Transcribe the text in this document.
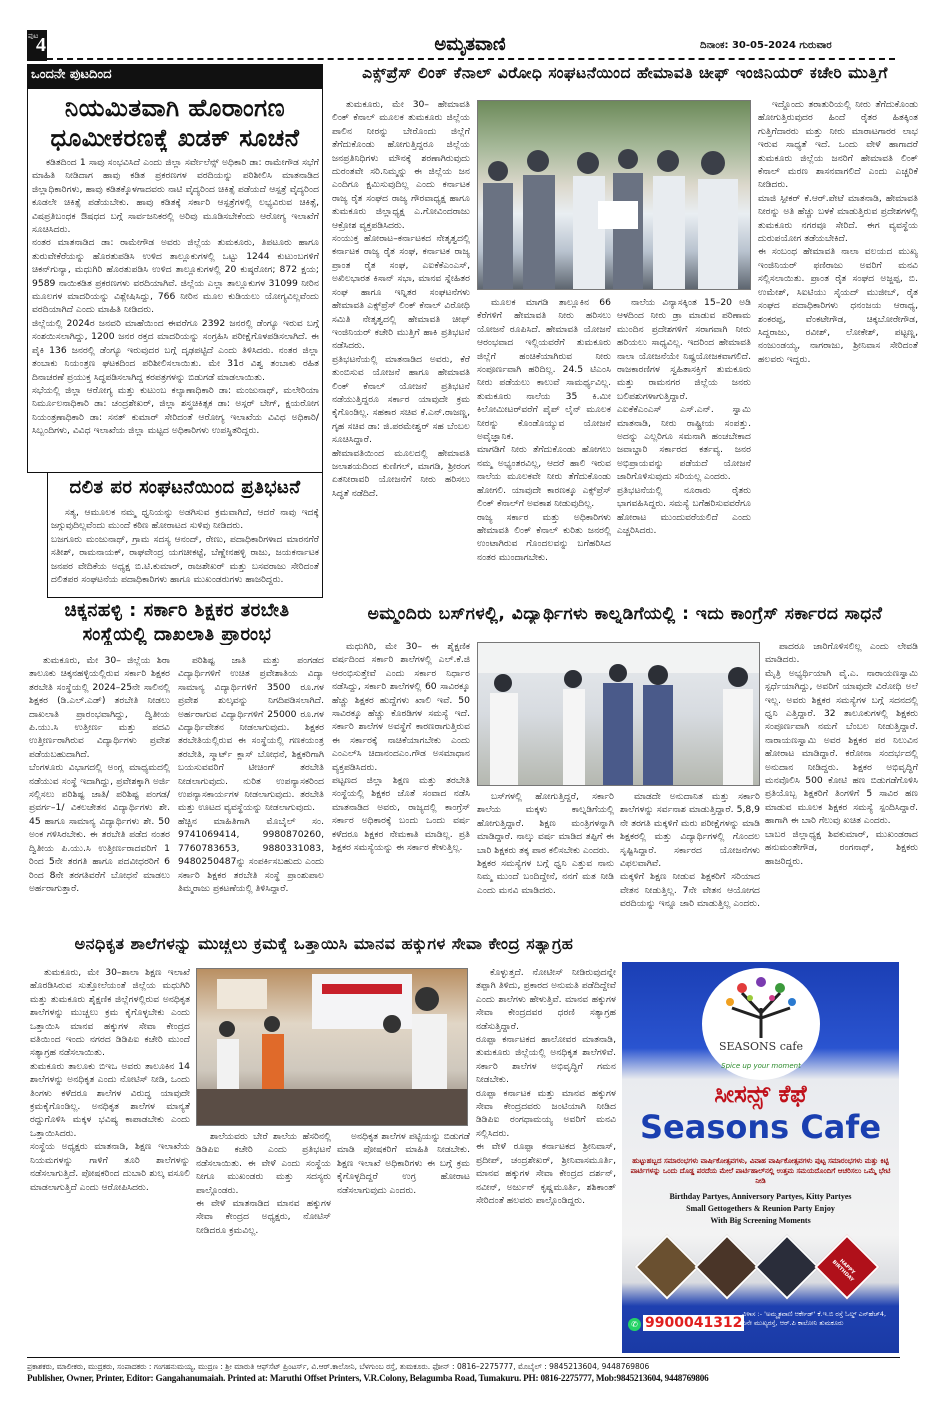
ಪುಟ
4	ಅಮೃತವಾಣಿ	ದಿನಾಂಕ: 30-05-2024 ಗುರುವಾರ
ಒಂದನೇ ಪುಟದಿಂದ
ನಿಯಮಿತವಾಗಿ ಹೊರಾಂಗಣ
ಧೂಮೀಕರಣಕ್ಕೆ ಖಡಕ್ ಸೂಚನೆ
ಕಡಿತದಿಂದ 1 ಸಾವು ಸಂಭವಿಸಿದೆ ಎಂದು ಜಿಲ್ಲಾ ಸರ್ವೇಲೆನ್ಸ್ ಅಧಿಕಾರಿ ಡಾ: ರಾಮೇಗೌಡ ಸಭೆಗೆ ಮಾಹಿತಿ ನೀಡಿದಾಗ ಹಾವು ಕಡಿತ ಪ್ರಕರಣಗಳ ವರದಿಯನ್ನು ಪರಿಶೀಲಿಸಿ ಮಾತನಾಡಿದ ಜಿಲ್ಲಾಧಿಕಾರಿಗಳು, ಹಾವು ಕಡಿತಕ್ಕೊಳಗಾದವರು ನಾಟಿ ವೈದ್ಯರಿಂದ ಚಿಕಿತ್ಸೆ ಪಡೆಯದೆ ಆಸ್ಪತ್ರೆ ವೈದ್ಯರಿಂದ ಕೂಡಲೇ ಚಿಕಿತ್ಸೆ ಪಡೆಯಬೇಕು. ಹಾವು ಕಡಿತಕ್ಕೆ ಸರ್ಕಾರಿ ಆಸ್ಪತ್ರೆಗಳಲ್ಲಿ ಲಭ್ಯವಿರುವ ಚಿಕಿತ್ಸೆ, ವಿಷಪ್ರತಿಬಂಧಕ ಔಷಧದ ಬಗ್ಗೆ ಸಾರ್ವಜನಿಕರಲ್ಲಿ ಅರಿವು ಮೂಡಿಸಬೇಕೆಂದು ಆರೋಗ್ಯ ಇಲಾಖೆಗೆ ಸೂಚಿಸಿದರು.
ನಂತರ ಮಾತನಾಡಿದ ಡಾ: ರಾಮೇಗೌಡ ಅವರು ಜಿಲ್ಲೆಯ ತುಮಕೂರು, ತಿಪಟೂರು ಹಾಗೂ ತುರುವೇಕೆರೆಯನ್ನು ಹೊರತುಪಡಿಸಿ ಉಳಿದ ತಾಲ್ಲೂಕುಗಳಲ್ಲಿ ಒಟ್ಟು 1244 ಕುಟುಂಬಗಳಿಗೆ ಚಿಕನ್‌ಗುನ್ಯಾ, ಮಧುಗಿರಿ ಹೊರತುಪಡಿಸಿ ಉಳಿದ ತಾಲ್ಲೂಕುಗಳಲ್ಲಿ 20 ಕುಷ್ಠರೋಗ; 872 ಕ್ಷಯ; 9589 ನಾಯಿಕಡಿತ ಪ್ರಕರಣಗಳು ವರದಿಯಾಗಿವೆ. ಜಿಲ್ಲೆಯ ಎಲ್ಲಾ ತಾಲ್ಲೂಕುಗಳ 31099 ನೀರಿನ ಮೂಲಗಳ ಮಾದರಿಯನ್ನು ವಿಶ್ಲೇಷಿಸಿದ್ದು, 766 ನೀರಿನ ಮೂಲ ಕುಡಿಯಲು ಯೋಗ್ಯವಿಲ್ಲವೆಂದು ವರದಿಯಾಗಿದೆ ಎಂದು ಮಾಹಿತಿ ನೀಡಿದರು.
ಜಿಲ್ಲೆಯಲ್ಲಿ 2024ರ ಜನವರಿ ಮಾಹೆಯಿಂದ ಈವರೆಗೂ 2392 ಜನರಲ್ಲಿ ಡೆಂಗ್ಯೂ ಇರುವ ಬಗ್ಗೆ ಸಂಶಯಿಸಲಾಗಿದ್ದು, 1200 ಜನರ ರಕ್ತದ ಮಾದರಿಯನ್ನು ಸಂಗ್ರಹಿಸಿ ಪರೀಕ್ಷೆಗೊಳಪಡಿಸಲಾಗಿದೆ. ಈ ಪೈಕಿ 136 ಜನರಲ್ಲಿ ಡೆಂಗ್ಯೂ ಇರುವುದರ ಬಗ್ಗೆ ದೃಢಪಟ್ಟಿದೆ ಎಂದು ತಿಳಿಸಿದರು. ನಂತರ ಜಿಲ್ಲಾ ತಂಬಾಕು ನಿಯಂತ್ರಣ ಘಟಕದಿಂದ ಪರಿಶೀಲಿಸಲಾಯಿತು. ಮೇ 31ರ ವಿಶ್ವ ತಂಬಾಕು ರಹಿತ ದಿನಾಚರಣೆ ಪ್ರಯುಕ್ತ ಸಿದ್ಧಪಡಿಸಲಾಗಿದ್ದ ಕರಪತ್ರಗಳನ್ನು ಬಿಡುಗಡೆ ಮಾಡಲಾಯಿತು.
ಸಭೆಯಲ್ಲಿ ಜಿಲ್ಲಾ ಆರೋಗ್ಯ ಮತ್ತು ಕುಟುಂಬ ಕಲ್ಯಾಣಾಧಿಕಾರಿ ಡಾ: ಮಂಜುನಾಥ್, ಮಲೇರಿಯಾ ನಿರ್ಮೂಲನಾಧಿಕಾರಿ ಡಾ: ಚಂದ್ರಶೇಖರ್, ಜಿಲ್ಲಾ ಶಸ್ತ್ರಚಿಕಿತ್ಸಕ ಡಾ: ಅಸ್ಗರ್ ಬೇಗ್, ಕ್ಷಯರೋಗ ನಿಯಂತ್ರಣಾಧಿಕಾರಿ ಡಾ: ಸನತ್ ಕುಮಾರ್ ಸೇರಿದಂತೆ ಆರೋಗ್ಯ ಇಲಾಖೆಯ ವಿವಿಧ ಅಧಿಕಾರಿ/ಸಿಬ್ಬಂದಿಗಳು, ವಿವಿಧ ಇಲಾಖೆಯ ಜಿಲ್ಲಾ ಮಟ್ಟದ ಅಧಿಕಾರಿಗಳು ಉಪಸ್ಥಿತರಿದ್ದರು.
ದಲಿತ ಪರ ಸಂಘಟನೆಯಿಂದ ಪ್ರತಿಭಟನೆ
ಸತ್ಯ, ಆಮೂಲಕ ನಮ್ಮ ಧ್ವನಿಯನ್ನು ಅಡಗಿಸುವ ಕ್ರಮವಾಗಿದೆ, ಆದರೆ ನಾವು ಇದಕ್ಕೆ ಜಗ್ಗುವುದಿಲ್ಲವೆಂದು ಮುಂದೆ ಕಠಿಣ ಹೋರಾಟದ ಸುಳಿವು ನೀಡಿದರು.
ಬಜಗೂರು ಮಂಜುನಾಥ್, ಗ್ರಾಮ ಸದಸ್ಯ ಆನಂದ್, ರೇಣು, ಪದಾಧಿಕಾರಿಗಳಾದ ಮಾರನಗೆರೆ ಸತೀಶ್, ರಾಮನಾಯಕ್, ರಾಘವೇಂದ್ರ ಯಗಚೀಕಟ್ಟೆ, ಬೆಣ್ಣೇನಹಳ್ಳಿ ರಾಜು, ಜಯಕರ್ನಾಟಕ ಜನಪರ ವೇದಿಕೆಯ ಅಧ್ಯಕ್ಷ ಬಿ.ಟಿ.ಕುಮಾರ್, ರಾಜಶೇಖರ್ ಮತ್ತು ಬಸವರಾಜು ಸೇರಿದಂತೆ ದಲಿತಪರ ಸಂಘಟನೆಯ ಪದಾಧಿಕಾರಿಗಳು ಹಾಗೂ ಮುಖಂಡರುಗಳು ಹಾಜರಿದ್ದರು.
ಚಿಕ್ಕನಹಳ್ಳಿ : ಸರ್ಕಾರಿ ಶಿಕ್ಷಕರ ತರಬೇತಿ
ಸಂಸ್ಥೆಯಲ್ಲಿ ದಾಖಲಾತಿ ಪ್ರಾರಂಭ
ತುಮಕೂರು, ಮೇ 30– ಜಿಲ್ಲೆಯ ಶಿರಾ ತಾಲೂಕು ಚಿಕ್ಕನಹಳ್ಳಿಯಲ್ಲಿರುವ ಸರ್ಕಾರಿ ಶಿಕ್ಷಕರ ತರಬೇತಿ ಸಂಸ್ಥೆಯಲ್ಲಿ 2024–25ನೇ ಸಾಲಿನಲ್ಲಿ ಶಿಕ್ಷಕರ (ಡಿ.ಎಲ್.ಎಡ್) ತರಬೇತಿ ನೀಡಲು ದಾಖಲಾತಿ ಪ್ರಾರಂಭವಾಗಿದ್ದು, ದ್ವಿತೀಯ ಪಿ.ಯು.ಸಿ ಉತ್ತೀರ್ಣ ಮತ್ತು ಪದವಿ ಉತ್ತೀರ್ಣರಾಗಿರುವ ವಿದ್ಯಾರ್ಥಿಗಳು ಪ್ರವೇಶ ಪಡೆಯಬಹುದಾಗಿದೆ.
ಬೆಂಗಳೂರು ವಿಭಾಗದಲ್ಲಿ ಅಂಗ್ಲ ಮಾಧ್ಯಮದಲ್ಲಿ ನಡೆಯುವ ಸಂಸ್ಥೆ ಇದಾಗಿದ್ದು, ಪ್ರವೇಶಕ್ಕಾಗಿ ಅರ್ಜಿ ಸಲ್ಲಿಸಲು ಪರಿಶಿಷ್ಟ ಜಾತಿ/ ಪರಿಶಿಷ್ಟ ಪಂಗಡ/ ಪ್ರವರ್ಗ–1/ ವಿಕಲಚೇತನ ವಿದ್ಯಾರ್ಥಿಗಳು ಶೇ. 45 ಹಾಗೂ ಸಾಮಾನ್ಯ ವಿದ್ಯಾರ್ಥಿಗಳು ಶೇ. 50 ಅಂಕ ಗಳಿಸಿರಬೇಕು. ಈ ತರಬೇತಿ ಪಡೆದ ನಂತರ ದ್ವಿತೀಯ ಪಿ.ಯು.ಸಿ ಉತ್ತೀರ್ಣರಾದವರಿಗೆ 1 ರಿಂದ 5ನೇ ತರಗತಿ ಹಾಗೂ ಪದವೀಧರರಿಗೆ 6 ರಿಂದ 8ನೇ ತರಗತಿವರೆಗೆ ಬೋಧನೆ ಮಾಡಲು ಅರ್ಹರಾಗುತ್ತಾರೆ.
ಪರಿಶಿಷ್ಟ ಜಾತಿ ಮತ್ತು ಪಂಗಡದ ವಿದ್ಯಾರ್ಥಿಗಳಿಗೆ ಉಚಿತ ಪ್ರವೇಶಾತಿಯ ವಿದ್ಯಾ ಸಾಮಾನ್ಯ ವಿದ್ಯಾರ್ಥಿಗಳಿಗೆ 3500 ರೂ.ಗಳ ಪ್ರವೇಶ ಶುಲ್ಕವನ್ನು ನಿಗದಿಪಡಿಸಲಾಗಿದೆ. ಅರ್ಹರಾಗುವ ವಿದ್ಯಾರ್ಥಿಗಳಿಗೆ 25000 ರೂ.ಗಳ ವಿದ್ಯಾರ್ಥಿವೇತನ ನೀಡಲಾಗುವುದು. ಶಿಕ್ಷಕರ ತರಬೇತಿಯಲ್ಲಿರುವ ಈ ಸಂಸ್ಥೆಯಲ್ಲಿ ಗಣಕಯಂತ್ರ ತರಬೇತಿ, ಸ್ಮಾರ್ಟ್ ಕ್ಲಾಸ್ ಬೋಧನೆ, ಶಿಕ್ಷಕರಿಗಾಗಿ ಬಯಸುವವರಿಗೆ ಟೀಚಿಂಗ್ ತರಬೇತಿ ನೀಡಲಾಗುವುದು. ನುರಿತ ಉಪನ್ಯಾಸಕರಿಂದ ಉಪನ್ಯಾಸಕಾರ್ಯಗಳ ನೀಡಲಾಗುವುದು. ತರಬೇತಿ ಮತ್ತು ಊಟದ ವ್ಯವಸ್ಥೆಯನ್ನು ನೀಡಲಾಗುವುದು.
ಹೆಚ್ಚಿನ ಮಾಹಿತಿಗಾಗಿ ಮೊಬೈಲ್ ಸಂ. 9741069414, 9980870260, 7760783653, 9880331083, 9480250487ನ್ನು ಸಂಪರ್ಕಿಸಬಹುದು ಎಂದು ಸರ್ಕಾರಿ ಶಿಕ್ಷಕರ ತರಬೇತಿ ಸಂಸ್ಥೆ ಪ್ರಾಂಶುಪಾಲ ತಿಮ್ಮರಾಜು ಪ್ರಕಟಣೆಯಲ್ಲಿ ತಿಳಿಸಿದ್ದಾರೆ.
ಎಕ್ಸ್‌ಪ್ರೆಸ್ ಲಿಂಕ್ ಕೆನಾಲ್ ವಿರೋಧಿ ಸಂಘಟನೆಯಿಂದ ಹೇಮಾವತಿ ಚೀಫ್ ಇಂಜಿನಿಯರ್ ಕಚೇರಿ ಮುತ್ತಿಗೆ
ತುಮಕೂರು, ಮೇ 30– ಹೇಮಾವತಿ ಲಿಂಕ್ ಕೆನಾಲ್ ಮೂಲಕ ತುಮಕೂರು ಜಿಲ್ಲೆಯ ಪಾಲಿನ ನೀರನ್ನು ಬೇರೊಂದು ಜಿಲ್ಲೆಗೆ ತೆಗೆದುಕೊಂಡು ಹೋಗುತ್ತಿದ್ದರೂ ಜಿಲ್ಲೆಯ ಜನಪ್ರತಿನಿಧಿಗಳು ಮೌನಕ್ಕೆ ಶರಣಾಗಿರುವುದು ದುರಂತವೇ ಸರಿ.ನಿಮ್ಮನ್ನು ಈ ಜಿಲ್ಲೆಯ ಜನ ಎಂದಿಗೂ ಕ್ಷಮಿಸುವುದಿಲ್ಲ ಎಂದು ಕರ್ನಾಟಕ ರಾಜ್ಯ ರೈತ ಸಂಘದ ರಾಜ್ಯ ಗೌರವಾಧ್ಯಕ್ಷ ಹಾಗೂ ತುಮಕೂರು ಜಿಲ್ಲಾಧ್ಯಕ್ಷ ಎ.ಗೋವಿಂದರಾಜು ಆಕ್ರೋಶ ವ್ಯಕ್ತಪಡಿಸಿದರು.
ಸಂಯುಕ್ತ ಹೋರಾಟ–ಕರ್ನಾಟಕದ ನೇತೃತ್ವದಲ್ಲಿ ಕರ್ನಾಟಕ ರಾಜ್ಯ ರೈತ ಸಂಘ, ಕರ್ನಾಟಕ ರಾಜ್ಯ ಪ್ರಾಂತ ರೈತ ಸಂಘ, ಎಐಕೆಕೆಎಂಎಸ್, ಅಖಿಲಭಾರತ ಕಿಸಾನ್ ಸಭಾ, ಮಾನವ ಸ್ನೇಹಿತರ ಸಂಘ ಹಾಗೂ ಇನ್ನಿತರ ಸಂಘಟನೆಗಳು ಹೇಮಾವತಿ ಎಕ್ಸ್‌ಪ್ರೆಸ್ ಲಿಂಕ್ ಕೆನಾಲ್ ವಿರೋಧಿ ಸಮಿತಿ ನೇತೃತ್ವದಲ್ಲಿ ಹೇಮಾವತಿ ಚೀಫ್ ಇಂಜಿನಿಯರ್ ಕಚೇರಿ ಮುತ್ತಿಗೆ ಹಾಕಿ ಪ್ರತಿಭಟನೆ ನಡೆಸಿದರು.
ಪ್ರತಿಭಟನೆಯಲ್ಲಿ ಮಾತನಾಡಿದ ಅವರು, ಕೆರೆ ತುಂಬಿಸುವ ಯೋಜನೆ ಹಾಗೂ ಹೇಮಾವತಿ ಲಿಂಕ್ ಕೆನಾಲ್ ಯೋಜನೆ ಪ್ರತಿಭಟನೆ ನಡೆಯುತ್ತಿದ್ದರೂ ಸರ್ಕಾರ ಯಾವುದೇ ಕ್ರಮ ಕೈಗೊಂಡಿಲ್ಲ. ಸಹಕಾರ ಸಚಿವ ಕೆ.ಎನ್.ರಾಜಣ್ಣ, ಗೃಹ ಸಚಿವ ಡಾ: ಜಿ.ಪರಮೇಶ್ವರ್ ಸಹ ಬೆಂಬಲ ಸೂಚಿಸಿದ್ದಾರೆ.
ಹೇಮಾವತಿಯಿಂದ ಮೂಲದಲ್ಲಿ ಹೇಮಾವತಿ ಜಲಾಶಯದಿಂದ ಕುಣಿಗಲ್, ಮಾಗಡಿ, ಶ್ರೀರಂಗ ಏತನೀರಾವರಿ ಯೋಜನೆಗೆ ನೀರು ಹರಿಸಲು ಸಿದ್ಧತೆ ನಡೆದಿದೆ.
ಮೂಲಕ ಮಾಗಡಿ ತಾಲ್ಲೂಕಿನ 66 ಕೆರೆಗಳಿಗೆ ಹೇಮಾವತಿ ನೀರು ಹರಿಸಲು ಯೋಜನೆ ರೂಪಿಸಿದೆ. ಹೇಮಾವತಿ ಯೋಜನೆ ಆರಂಭವಾದ ಇಲ್ಲಿಯವರೆಗೆ ತುಮಕೂರು ಜಿಲ್ಲೆಗೆ ಹಂಚಿಕೆಯಾಗಿರುವ ನೀರು ಸಂಪೂರ್ಣವಾಗಿ ಹರಿದಿಲ್ಲ. 24.5 ಟಿಎಂಸಿ ನೀರು ಪಡೆಯಲು ಕಾಲುವೆ ಸಾಮರ್ಥ್ಯವಿಲ್ಲ. ತುಮಕೂರು ನಾಲೆಯ 35 ಕಿ.ಮೀ ಕಿಲೋಮೀಟರ್‌ವರೆಗೆ ಪೈಪ್ ಲೈನ್ ಮೂಲಕ ನೀರನ್ನು ಕೊಂಡೊಯ್ಯುವ ಯೋಜನೆ ಅವೈಜ್ಞಾನಿಕ.
ಮಾಗಡಿಗೆ ನೀರು ತೆಗೆದುಕೊಂಡು ಹೋಗಲು ನಮ್ಮ ಅಭ್ಯಂತರವಿಲ್ಲ, ಆದರೆ ಹಾಲಿ ಇರುವ ನಾಲೆಯ ಮೂಲಕವೇ ನೀರು ತೆಗೆದುಕೊಂಡು ಹೋಗಲಿ. ಯಾವುದೇ ಕಾರಣಕ್ಕೂ ಎಕ್ಸ್‌ಪ್ರೆಸ್ ಲಿಂಕ್ ಕೆನಾಲ್‌ಗೆ ಅವಕಾಶ ನೀಡುವುದಿಲ್ಲ.
ರಾಜ್ಯ ಸರ್ಕಾರ ಮತ್ತು ಅಧಿಕಾರಿಗಳು ಹೇಮಾವತಿ ಲಿಂಕ್ ಕೆನಾಲ್ ಕುರಿತು ಜನರಲ್ಲಿ ಉಂಟಾಗಿರುವ ಗೊಂದಲವನ್ನು ಬಗೆಹರಿಸಿದ ನಂತರ ಮುಂದಾಗಬೇಕು.
ನಾಲೆಯ ವಿನ್ಯಾಸಕ್ಕಿಂತ 15–20 ಅಡಿ ಆಳದಿಂದ ನೀರು ಡ್ರಾ ಮಾಡುವ ಪರಿಣಾಮ ಮುಂದಿನ ಪ್ರದೇಶಗಳಿಗೆ ಸರಾಗವಾಗಿ ನೀರು ಹರಿಯಲು ಸಾಧ್ಯವಿಲ್ಲ. ಇದರಿಂದ ಹೇಮಾವತಿ ನಾಲಾ ಯೋಜನೆಯೇ ನಿಷ್ಪ್ರಯೋಜಕವಾಗಲಿದೆ. ರಾಜಕಾರಣಿಗಳ ಸ್ವಹಿತಾಸಕ್ತಿಗೆ ತುಮಕೂರು ಮತ್ತು ರಾಮನಗರ ಜಿಲ್ಲೆಯ ಜನರು ಬಲಿಪಶುಗಳಾಗುತ್ತಿದ್ದಾರೆ.
ಎಐಕೆಕೆಎಂಎಸ್ ಎಸ್.ಎನ್. ಸ್ವಾಮಿ ಮಾತನಾಡಿ, ನೀರು ರಾಷ್ಟ್ರೀಯ ಸಂಪತ್ತು. ಅದನ್ನು ಎಲ್ಲರಿಗೂ ಸಮನಾಗಿ ಹಂಚಬೇಕಾದ ಜವಾಬ್ದಾರಿ ಸರ್ಕಾರದ ಕರ್ತವ್ಯ. ಜನರ ಅಭಿಪ್ರಾಯವನ್ನು ಪಡೆಯದೆ ಯೋಜನೆ ಜಾರಿಗೊಳಿಸುವುದು ಸರಿಯಲ್ಲ ಎಂದರು.
ಪ್ರತಿಭಟನೆಯಲ್ಲಿ ನೂರಾರು ರೈತರು ಭಾಗವಹಿಸಿದ್ದರು. ಸಮಸ್ಯೆ ಬಗೆಹರಿಸುವವರೆಗೂ ಹೋರಾಟ ಮುಂದುವರೆಯಲಿದೆ ಎಂದು ಎಚ್ಚರಿಸಿದರು.
ಇದ್ದೊಂದು ತರಾತುರಿಯಲ್ಲಿ ನೀರು ತೆಗೆದುಕೊಂಡು ಹೋಗುತ್ತಿರುವುದರ ಹಿಂದೆ ರೈತರ ಹಿತಕ್ಕಿಂತ ಗುತ್ತಿಗೆದಾರರು ಮತ್ತು ನೀರು ಮಾರಾಟಗಾರರ ಲಾಭ ಇರುವ ಸಾಧ್ಯತೆ ಇದೆ. ಒಂದು ವೇಳೆ ಹಾಗಾದರೆ ತುಮಕೂರು ಜಿಲ್ಲೆಯ ಜನರಿಗೆ ಹೇಮಾವತಿ ಲಿಂಕ್ ಕೆನಾಲ್ ಮರಣ ಶಾಸನವಾಗಲಿದೆ ಎಂದು ಎಚ್ಚರಿಕೆ ನೀಡಿದರು.
ಮಾಜಿ ಸ್ಪೀಕರ್ ಕೆ.ಆರ್.ಪೇಟೆ ಮಾತನಾಡಿ, ಹೇಮಾವತಿ ನೀರನ್ನು ಅತಿ ಹೆಚ್ಚು ಬಳಕೆ ಮಾಡುತ್ತಿರುವ ಪ್ರದೇಶಗಳಲ್ಲಿ ತುಮಕೂರು ನಗರವೂ ಸೇರಿದೆ. ಈಗ ವ್ಯವಸ್ಥೆಯ ದುರುಪಯೋಗ ತಡೆಯಬೇಕಿದೆ.
ಈ ಸಂಬಂಧ ಹೇಮಾವತಿ ನಾಲಾ ವಲಯದ ಮುಖ್ಯ ಇಂಜಿನಿಯರ್ ಫಣಿರಾಜು ಅವರಿಗೆ ಮನವಿ ಸಲ್ಲಿಸಲಾಯಿತು. ಪ್ರಾಂತ ರೈತ ಸಂಘದ ಅಜ್ಜಪ್ಪ, ಬಿ. ಉಮೇಶ್, ಸಿಐಟಿಯು ಸೈಯದ್ ಮುಜೀಬ್, ರೈತ ಸಂಘದ ಪದಾಧಿಕಾರಿಗಳು ಧನಂಜಯ ಆರಾಧ್ಯ, ಶಂಕರಪ್ಪ, ವೆಂಕಟೇಗೌಡ, ಚಿಕ್ಕಬೋರೇಗೌಡ, ಸಿದ್ದರಾಜು, ರವೀಶ್, ಲೋಕೇಶ್, ಪಟ್ಟಣ್ಣ, ನಂಜುಂಡಯ್ಯ, ನಾಗರಾಜು, ಶ್ರೀನಿವಾಸ ಸೇರಿದಂತೆ ಹಲವರು ಇದ್ದರು.
ಅಮ್ಮಂದಿರು ಬಸ್‌ಗಳಲ್ಲಿ, ವಿದ್ಯಾರ್ಥಿಗಳು ಕಾಲ್ನಡಿಗೆಯಲ್ಲಿ : ಇದು ಕಾಂಗ್ರೆಸ್ ಸರ್ಕಾರದ ಸಾಧನೆ
ಮಧುಗಿರಿ, ಮೇ 30– ಈ ಶೈಕ್ಷಣಿಕ ವರ್ಷದಿಂದ ಸರ್ಕಾರಿ ಶಾಲೆಗಳಲ್ಲಿ ಎಲ್.ಕೆ.ಜಿ ಆರಂಭಿಸುತ್ತೇವೆ ಎಂದು ಸರ್ಕಾರ ನಿರ್ಧಾರ ನಡೆಸಿದ್ದು, ಸರ್ಕಾರಿ ಶಾಲೆಗಳಲ್ಲಿ 60 ಸಾವಿರಕ್ಕೂ ಹೆಚ್ಚು ಶಿಕ್ಷಕರ ಹುದ್ದೆಗಳು ಖಾಲಿ ಇವೆ. 50 ಸಾವಿರಕ್ಕೂ ಹೆಚ್ಚು ಕೊಠಡಿಗಳ ಸಮಸ್ಯೆ ಇದೆ. ಸರ್ಕಾರಿ ಶಾಲೆಗಳ ಅವಸ್ಥೆಗೆ ಕಾರಣರಾಗುತ್ತಿರುವ ಈ ಸರ್ಕಾರಕ್ಕೆ ನಾಚಿಕೆಯಾಗಬೇಕು ಎಂದು ಎಂಎಲ್‌ಸಿ ಚಿದಾನಂದಎಂ.ಗೌಡ ಅಸಮಾಧಾನ ವ್ಯಕ್ತಪಡಿಸಿದರು.
ಪಟ್ಟಣದ ಜಿಲ್ಲಾ ಶಿಕ್ಷಣ ಮತ್ತು ತರಬೇತಿ ಸಂಸ್ಥೆಯಲ್ಲಿ ಶಿಕ್ಷಕರ ಜೊತೆ ಸಂವಾದ ನಡೆಸಿ ಮಾತನಾಡಿದ ಅವರು, ರಾಜ್ಯದಲ್ಲಿ ಕಾಂಗ್ರೆಸ್ ಸರ್ಕಾರ ಅಧಿಕಾರಕ್ಕೆ ಬಂದು ಒಂದು ವರ್ಷ ಕಳೆದರೂ ಶಿಕ್ಷಕರ ನೇಮಕಾತಿ ಮಾಡಿಲ್ಲ. ಪ್ರತಿ ಶಿಕ್ಷಕರ ಸಮಸ್ಯೆಯನ್ನು ಈ ಸರ್ಕಾರ ಕೇಳುತ್ತಿಲ್ಲ.
ಬಸ್‌ಗಳಲ್ಲಿ ಹೋಗುತ್ತಿದ್ದರೆ, ಸರ್ಕಾರಿ ಶಾಲೆಯ ಮಕ್ಕಳು ಕಾಲ್ನಡಿಗೆಯಲ್ಲಿ ಹೋಗುತ್ತಿದ್ದಾರೆ. ಶಿಕ್ಷಣ ಮಂತ್ರಿಗಳನ್ನಾಗಿ ಮಾಡಿದ್ದಾರೆ. ನಾಲ್ಕು ವರ್ಷ ಮಾಡಿದ ತಪ್ಪಿಗೆ ಈ ಬಾರಿ ಶಿಕ್ಷಕರು ತಕ್ಕ ಪಾಠ ಕಲಿಸಬೇಕು ಎಂದರು.
ಶಿಕ್ಷಕರ ಸಮಸ್ಯೆಗಳ ಬಗ್ಗೆ ಧ್ವನಿ ಎತ್ತುವ ನಾನು ನಿಮ್ಮ ಮುಂದೆ ಬಂದಿದ್ದೇನೆ, ನನಗೆ ಮತ ನೀಡಿ ಎಂದು ಮನವಿ ಮಾಡಿದರು.
ಮಾಡದೇ ಅನುದಾನಿತ ಮತ್ತು ಸರ್ಕಾರಿ ಶಾಲೆಗಳನ್ನು ಸರ್ವನಾಶ ಮಾಡುತ್ತಿದ್ದಾರೆ. 5,8,9 ನೇ ತರಗತಿ ಮಕ್ಕಳಿಗೆ ಮರು ಪರೀಕ್ಷೆಗಳನ್ನು ಮಾಡಿ ಶಿಕ್ಷಕರಲ್ಲಿ ಮತ್ತು ವಿದ್ಯಾರ್ಥಿಗಳಲ್ಲಿ ಗೊಂದಲ ಸೃಷ್ಟಿಸಿದ್ದಾರೆ. ಸರ್ಕಾರದ ಯೋಜನೆಗಳು ವಿಫಲವಾಗಿವೆ.
ಮಕ್ಕಳಿಗೆ ಶಿಕ್ಷಣ ನೀಡುವ ಶಿಕ್ಷಕರಿಗೆ ಸರಿಯಾದ ವೇತನ ನೀಡುತ್ತಿಲ್ಲ. 7ನೇ ವೇತನ ಆಯೋಗದ ವರದಿಯನ್ನು ಇನ್ನೂ ಜಾರಿ ಮಾಡುತ್ತಿಲ್ಲ ಎಂದರು.
ಪಾದರೂ ಜಾರಿಗೊಳಿಸಲಿಲ್ಲ ಎಂದು ಲೇವಡಿ ಮಾಡಿದರು.
ಮೈತ್ರಿ ಅಭ್ಯರ್ಥಿಯಾಗಿ ವೈ.ಎ. ನಾರಾಯಣಸ್ವಾಮಿ ಸ್ಪರ್ಧೆಯಾಗಿದ್ದು, ಅವರಿಗೆ ಯಾವುದೇ ವಿರೋಧಿ ಅಲೆ ಇಲ್ಲ. ಅವರು ಶಿಕ್ಷಕರ ಸಮಸ್ಯೆಗಳ ಬಗ್ಗೆ ಸದನದಲ್ಲಿ ಧ್ವನಿ ಎತ್ತಿದ್ದಾರೆ. 32 ತಾಲೂಕುಗಳಲ್ಲಿ ಶಿಕ್ಷಕರು ಸಂಪೂರ್ಣವಾಗಿ ನಮಗೆ ಬೆಂಬಲ ನೀಡುತ್ತಿದ್ದಾರೆ. ನಾರಾಯಣಸ್ವಾಮಿ ಅವರ ಶಿಕ್ಷಕರ ಪರ ನಿಲುವಿನ ಹೋರಾಟ ಮಾಡಿದ್ದಾರೆ. ಕರೋನಾ ಸಂದರ್ಭದಲ್ಲಿ ಅನುದಾನ ನೀಡಿದ್ದರು. ಶಿಕ್ಷಕರ ಅಭಿವೃದ್ಧಿಗೆ ಮನವೊಲಿಸಿ 500 ಕೋಟಿ ಹಣ ಬಿಡುಗಡೆಗೊಳಿಸಿ ಪ್ರತಿಯೊಬ್ಬ ಶಿಕ್ಷಕರಿಗೆ ತಿಂಗಳಿಗೆ 5 ಸಾವಿರ ಹಣ ಮಾಡುವ ಮೂಲಕ ಶಿಕ್ಷಕರ ಸಮಸ್ಯೆ ಸ್ಪಂದಿಸಿದ್ದಾರೆ. ಹಾಗಾಗಿ ಈ ಬಾರಿ ಗೆಲುವು ಖಚಿತ ಎಂದರು.
ಬಾಬರ ಜಿಲ್ಲಾಧ್ಯಕ್ಷ ಶಿವಕುಮಾರ್, ಮುಖಂಡರಾದ ಹನುಮಂತೇಗೌಡ, ರಂಗನಾಥ್, ಶಿಕ್ಷಕರು ಹಾಜರಿದ್ದರು.
ಅನಧಿಕೃತ ಶಾಲೆಗಳನ್ನು ಮುಚ್ಚಲು ಕ್ರಮಕ್ಕೆ ಒತ್ತಾಯಿಸಿ ಮಾನವ ಹಕ್ಕುಗಳ ಸೇವಾ ಕೇಂದ್ರ ಸತ್ಯಾಗ್ರಹ
ತುಮಕೂರು, ಮೇ 30–ಶಾಲಾ ಶಿಕ್ಷಣ ಇಲಾಖೆ ಹೊರಡಿಸಿರುವ ಸುತ್ತೋಲೆಯಂತೆ ಜಿಲ್ಲೆಯ ಮಧುಗಿರಿ ಮತ್ತು ತುಮಕೂರು ಶೈಕ್ಷಣಿಕ ಜಿಲ್ಲೆಗಳಲ್ಲಿರುವ ಅನಧಿಕೃತ ಶಾಲೆಗಳನ್ನು ಮುಚ್ಚಲು ಕ್ರಮ ಕೈಗೊಳ್ಳಬೇಕು ಎಂದು ಒತ್ತಾಯಿಸಿ ಮಾನವ ಹಕ್ಕುಗಳ ಸೇವಾ ಕೇಂದ್ರದ ವತಿಯಿಂದ ಇಂದು ನಗರದ ಡಿಡಿಪಿಐ ಕಚೇರಿ ಮುಂದೆ ಸತ್ಯಾಗ್ರಹ ನಡೆಸಲಾಯಿತು.
ತುಮಕೂರು ತಾಲೂಕು ಬಿಇಒ ಅವರು ತಾಲೂಕಿನ 14 ಶಾಲೆಗಳನ್ನು ಅನಧಿಕೃತ ಎಂದು ನೋಟಿಸ್ ನೀಡಿ, ಒಂದು ತಿಂಗಳು ಕಳೆದರೂ ಶಾಲೆಗಳ ವಿರುದ್ಧ ಯಾವುದೇ ಕ್ರಮಕೈಗೊಂಡಿಲ್ಲ. ಅನಧಿಕೃತ ಶಾಲೆಗಳ ಮಾನ್ಯತೆ ರದ್ದುಗೊಳಿಸಿ ಮಕ್ಕಳ ಭವಿಷ್ಯ ಕಾಪಾಡಬೇಕು ಎಂದು ಒತ್ತಾಯಿಸಿದರು.
ಸಂಸ್ಥೆಯ ಅಧ್ಯಕ್ಷರು ಮಾತನಾಡಿ, ಶಿಕ್ಷಣ ಇಲಾಖೆಯ ನಿಯಮಗಳನ್ನು ಗಾಳಿಗೆ ತೂರಿ ಶಾಲೆಗಳನ್ನು ನಡೆಸಲಾಗುತ್ತಿದೆ. ಪೋಷಕರಿಂದ ದುಬಾರಿ ಶುಲ್ಕ ವಸೂಲಿ ಮಾಡಲಾಗುತ್ತಿದೆ ಎಂದು ಆರೋಪಿಸಿದರು.
ಶಾಲೆಯವರು ಬೇರೆ ಶಾಲೆಯ ಹೆಸರಿನಲ್ಲಿ ಡಿಡಿಪಿಐ ಕಚೇರಿ ಎಂದು ಪ್ರತಿಭಟನೆ ನಡೆಸಲಾಯಿತು. ಈ ವೇಳೆ ಎಂದು ಸಂಸ್ಥೆಯ ನೀಗೂ ಮುಖಂಡರು ಮತ್ತು ಸದಸ್ಯರು ಪಾಲ್ಗೊಂಡರು.
ಈ ವೇಳೆ ಮಾತನಾಡಿದ ಮಾನವ ಹಕ್ಕುಗಳ ಸೇವಾ ಕೇಂದ್ರದ ಅಧ್ಯಕ್ಷರು, ನೋಟಿಸ್ ನೀಡಿದರೂ ಕ್ರಮವಿಲ್ಲ.
ಅನಧಿಕೃತ ಶಾಲೆಗಳ ಪಟ್ಟಿಯನ್ನು ಬಿಡುಗಡೆ ಮಾಡಿ ಪೋಷಕರಿಗೆ ಮಾಹಿತಿ ನೀಡಬೇಕು. ಶಿಕ್ಷಣ ಇಲಾಖೆ ಅಧಿಕಾರಿಗಳು ಈ ಬಗ್ಗೆ ಕ್ರಮ ಕೈಗೊಳ್ಳದಿದ್ದರೆ ಉಗ್ರ ಹೋರಾಟ ನಡೆಸಲಾಗುವುದು ಎಂದರು.
ಕೊಳ್ಳುತ್ತದೆ. ನೋಟೀಸ್ ನೀಡಿರುವುದನ್ನೇ ತಪ್ಪಾಗಿ ತಿಳಿದು, ಪ್ರಕಾರದ ಅನುಮತಿ ಪಡೆದಿದ್ದೇವೆ ಎಂದು ಶಾಲೆಗಳು ಹೇಳುತ್ತಿವೆ. ಮಾನವ ಹಕ್ಕುಗಳ ಸೇವಾ ಕೇಂದ್ರದವರ ಧರಣಿ ಸತ್ಯಾಗ್ರಹ ನಡೆಸುತ್ತಿದ್ದಾರೆ.
ರೂಪ್ಪಾ ಕರ್ನಾಟಕದ ಹಾಲೋವರ ಮಾತನಾಡಿ, ತುಮಕೂರು ಜಿಲ್ಲೆಯಲ್ಲಿ ಅನಧಿಕೃತ ಶಾಲೆಗಳಿವೆ. ಸರ್ಕಾರಿ ಶಾಲೆಗಳ ಅಭಿವೃದ್ಧಿಗೆ ಗಮನ ನೀಡಬೇಕು.
ರೂಪ್ಪಾ ಕರ್ನಾಟಕ ಮತ್ತು ಮಾನವ ಹಕ್ಕುಗಳ ಸೇವಾ ಕೇಂದ್ರದವರು ಜಂಟಿಯಾಗಿ ನೀಡಿದ ಡಿಡಿಪಿಐ ರಂಗಧಾಮಯ್ಯ ಅವರಿಗೆ ಮನವಿ ಸಲ್ಲಿಸಿದರು.
ಈ ವೇಳೆ ರೂಪ್ಪಾ ಕರ್ನಾಟಕದ ಶ್ರೀನಿವಾಸ್, ಪ್ರದೀಪ್, ಚಂದ್ರಶೇಖರ್, ಶ್ರೀನಿವಾಸಮೂರ್ತಿ, ಮಾನವ ಹಕ್ಕುಗಳ ಸೇವಾ ಕೇಂದ್ರದ ದರ್ಶನ್, ನವೀನ್, ಅರ್ಜುನ್ ಕೃಷ್ಣಮೂರ್ತಿ, ಶಶಿಕಾಂತ್ ಸೇರಿದಂತೆ ಹಲವರು ಪಾಲ್ಗೊಂಡಿದ್ದರು.
SEASONS cafe
Spice up your moment
ಸೀಸನ್ಸ್ ಕೆಫೆ
Seasons Cafe
ಹುಟ್ಟುಹಬ್ಬದ ಸಮಾರಂಭಗಳು ವಾರ್ಷಿಕೋತ್ಸವಗಳು, ವಿವಾಹ ವಾರ್ಷಿಕೋತ್ಸವಗಳು ಪುಟ್ಟ ಸಮಾರಂಭಗಳು ಮತ್ತು ಕಿಟ್ಟಿ ಪಾರ್ಟಿಗಳನ್ನು ಒಂದು ದೊಡ್ಡ ಪರದೆಯ ಮೇಲೆ ಪಾರ್ಟಿಹಾಲ್‌ನಲ್ಲಿ ಉತ್ತಮ ಸಮಯದೊಂದಿಗೆ ಆಚರಿಸಲು ಒಮ್ಮೆ ಭೇಟಿ ನೀಡಿ
Birthday Partyes, Anniversory Partyes, Kitty Partyes
Small Gettogethers & Reunion Party Enjoy
With Big Screening Moments
HAPPY BIRTHDAY
✆ 9900041312
ವಿಳಾಸ :- 'ಅಮ್ಮೃತವಾಣಿ ಆರ್ಕೇಡ್' ಕೆ.ಇ.ಬಿ ರಸ್ತೆ ಓಲ್ಡ್ ಎನ್‌ಹೆಚ್4, ಪಿನೇ ಮುಖ್ಯರಸ್ತೆ, ಆರ್.ಪಿ ಕಾಲೋನಿ ತುಮಕೂರು
ಪ್ರಕಾಶಕರು, ಮಾಲೀಕರು, ಮುದ್ರಕರು, ಸಂಪಾದಕರು : ಗಂಗಹನುಮಯ್ಯ, ಮುದ್ರಣ : ಶ್ರೀ ಮಾರುತಿ ಆಫ್‌ಸೆಟ್ ಪ್ರಿಂಟರ್ಸ್, ವಿ.ಆರ್.ಕಾಲೋನಿ, ಬೆಳಗುಂಬ ರಸ್ತೆ, ತುಮಕೂರು. ಫೋನ್ : 0816–2275777, ಮೊಬೈಲ್ : 9845213604, 9448769806
Publisher, Owner, Printer, Editor: Gangahanumaiah. Printed at: Maruthi Offset Printers, V.R.Colony, Belagumba Road, Tumakuru. PH: 0816-2275777, Mob:9845213604, 9448769806
